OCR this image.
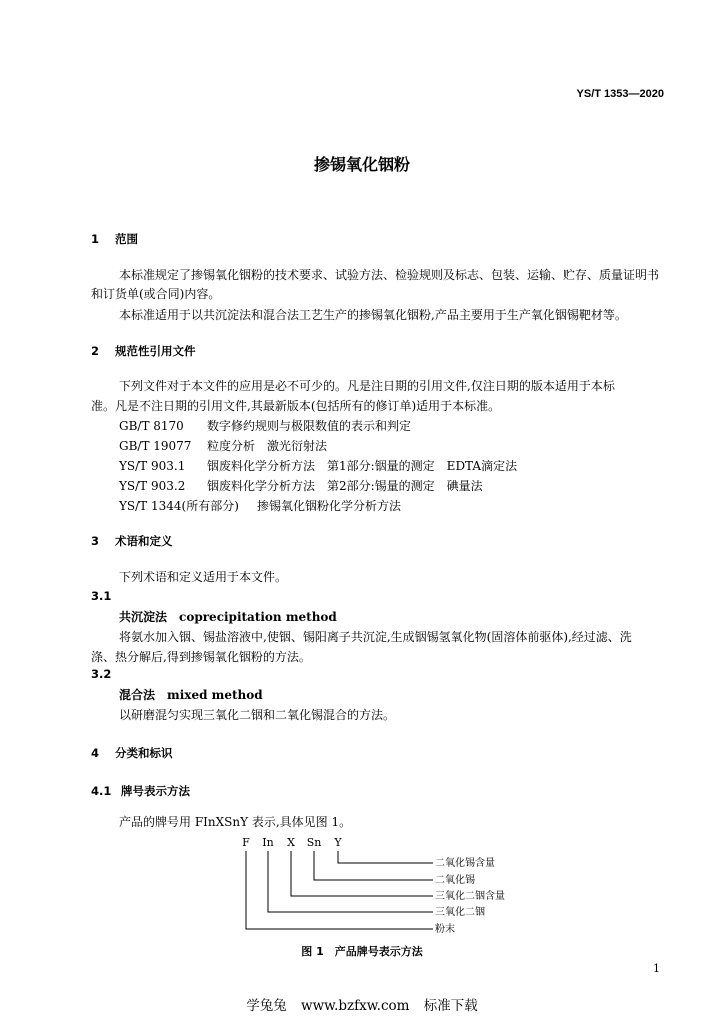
YS/T 1353—2020
掺锡氧化铟粉
1 范围
本标准规定了掺锡氧化铟粉的技术要求、试验方法、检验规则及标志、包装、运输、贮存、质量证明书
和订货单(或合同)内容。
本标准适用于以共沉淀法和混合法工艺生产的掺锡氧化铟粉,产品主要用于生产氧化铟锡靶材等。
2 规范性引用文件
下列文件对于本文件的应用是必不可少的。凡是注日期的引用文件,仅注日期的版本适用于本标
准。凡是不注日期的引用文件,其最新版本(包括所有的修订单)适用于本标准。
GB/T 8170 数字修约规则与极限数值的表示和判定
GB/T 19077 粒度分析　激光衍射法
YS/T 903.1 铟废料化学分析方法　第1部分:铟量的测定　EDTA滴定法
YS/T 903.2 铟废料化学分析方法　第2部分:锡量的测定　碘量法
YS/T 1344(所有部分) 掺锡氧化铟粉化学分析方法
3 术语和定义
下列术语和定义适用于本文件。
3.1
共沉淀法　 coprecipitation method
将氨水加入铟、锡盐溶液中,使铟、锡阳离子共沉淀,生成铟锡氢氧化物(固溶体前驱体),经过滤、洗
涤、热分解后,得到掺锡氧化铟粉的方法。
3.2
混合法　 mixed method
以研磨混匀实现三氧化二铟和二氧化锡混合的方法。
4 分类和标识
4.1 牌号表示方法
产品的牌号用 FInXSnY 表示,具体见图 1。
F In X Sn Y
二氧化锡含量
二氧化锡
三氧化二铟含量
三氧化二铟
粉末
图 1　产品牌号表示方法
1
学兔兔 www.bzfxw.com 标准下载
